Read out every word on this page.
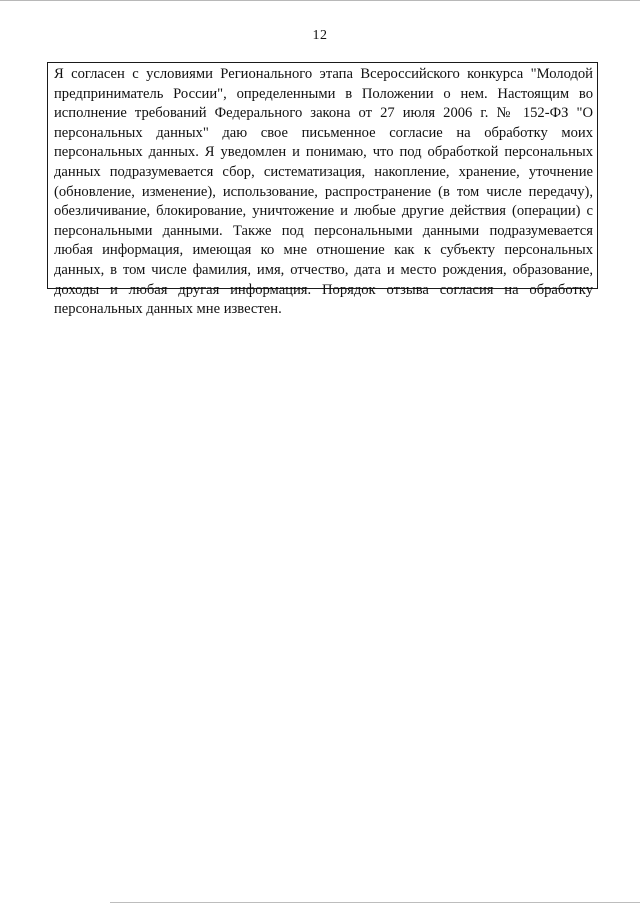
12

Я согласен с условиями Регионального этапа Всероссийского конкурса "Молодой предприниматель России", определенными в Положении о нем. Настоящим во исполнение требований Федерального закона от 27 июля 2006 г. № 152-ФЗ "О персональных данных" даю свое письменное согласие на обработку моих персональных данных. Я уведомлен и понимаю, что под обработкой персональных данных подразумевается сбор, систематизация, накопление, хранение, уточнение (обновление, изменение), использование, распространение (в том числе передачу), обезличивание, блокирование, уничтожение и любые другие действия (операции) с персональными данными. Также под персональными данными подразумевается любая информация, имеющая ко мне отношение как к субъекту персональных данных, в том числе фамилия, имя, отчество, дата и место рождения, образование, доходы и любая другая информация. Порядок отзыва согласия на обработку персональных данных мне известен.
